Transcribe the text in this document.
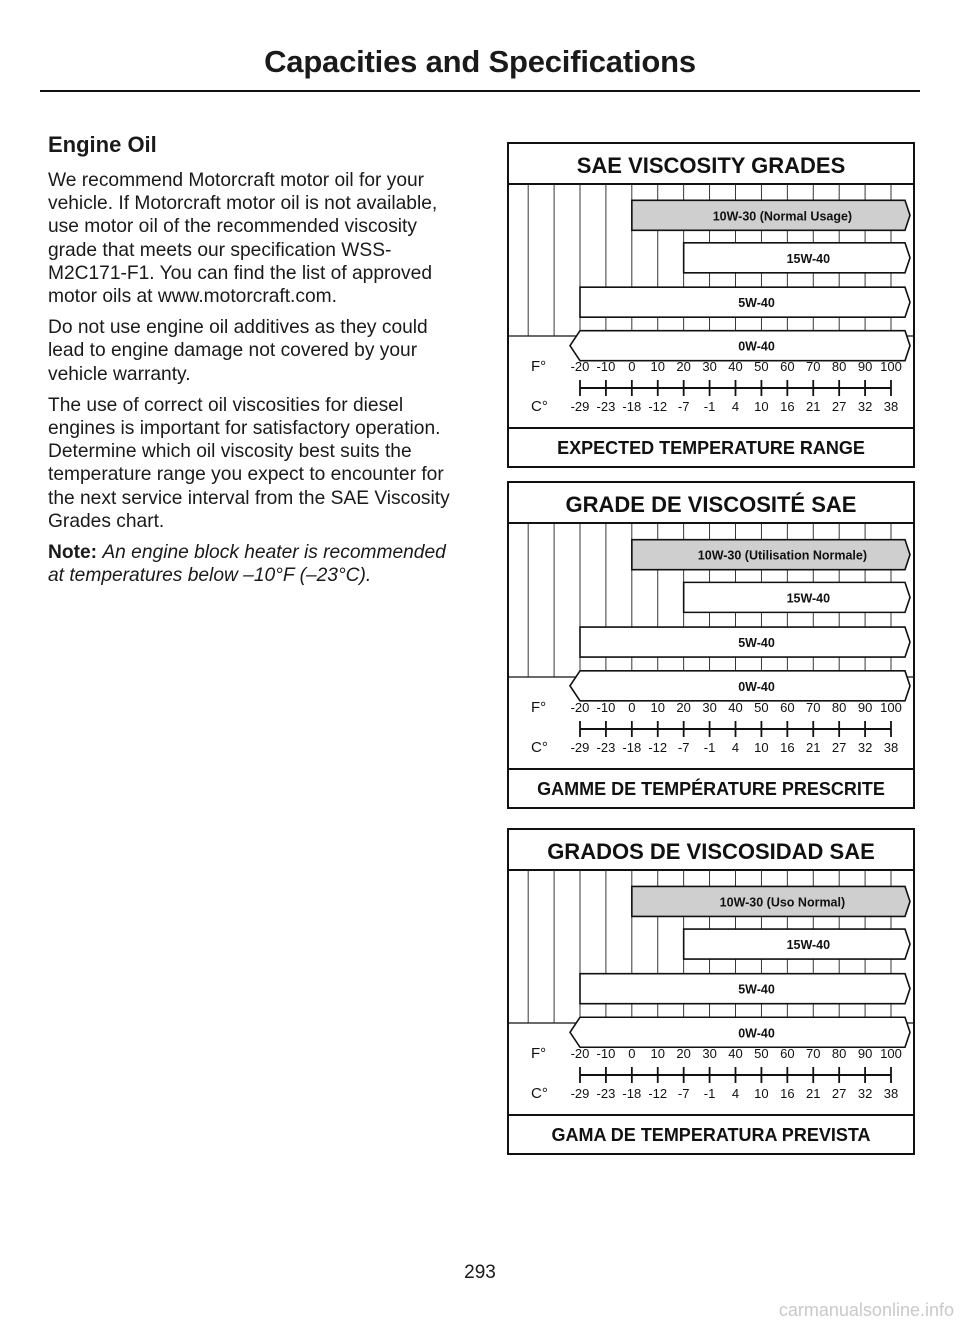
Capacities and Specifications
Engine Oil

We recommend Motorcraft motor oil for your vehicle. If Motorcraft motor oil is not available, use motor oil of the recommended viscosity grade that meets our specification WSS-M2C171-F1. You can find the list of approved motor oils at www.motorcraft.com.

Do not use engine oil additives as they could lead to engine damage not covered by your vehicle warranty.

The use of correct oil viscosities for diesel engines is important for satisfactory operation. Determine which oil viscosity best suits the temperature range you expect to encounter for the next service interval from the SAE Viscosity Grades chart.

Note: An engine block heater is recommended at temperatures below –10°F (–23°C).

SAE VISCOSITY GRADES
EXPECTED TEMPERATURE RANGE
10W-30 (Normal Usage)
15W-40
5W-40
0W-40
F°
C°
-20
-29
-10
-23
0
-18
10
-12
20
-7
30
-1
40
4
50
10
60
16
70
21
80
27
90
32
100
38
GRADE DE VISCOSITÉ SAE
GAMME DE TEMPÉRATURE PRESCRITE
10W-30 (Utilisation Normale)
15W-40
5W-40
0W-40
F°
C°
-20
-29
-10
-23
0
-18
10
-12
20
-7
30
-1
40
4
50
10
60
16
70
21
80
27
90
32
100
38
GRADOS DE VISCOSIDAD SAE
GAMA DE TEMPERATURA PREVISTA
10W-30 (Uso Normal)
15W-40
5W-40
0W-40
F°
C°
-20
-29
-10
-23
0
-18
10
-12
20
-7
30
-1
40
4
50
10
60
16
70
21
80
27
90
32
100
38
293
carmanualsonline.info
